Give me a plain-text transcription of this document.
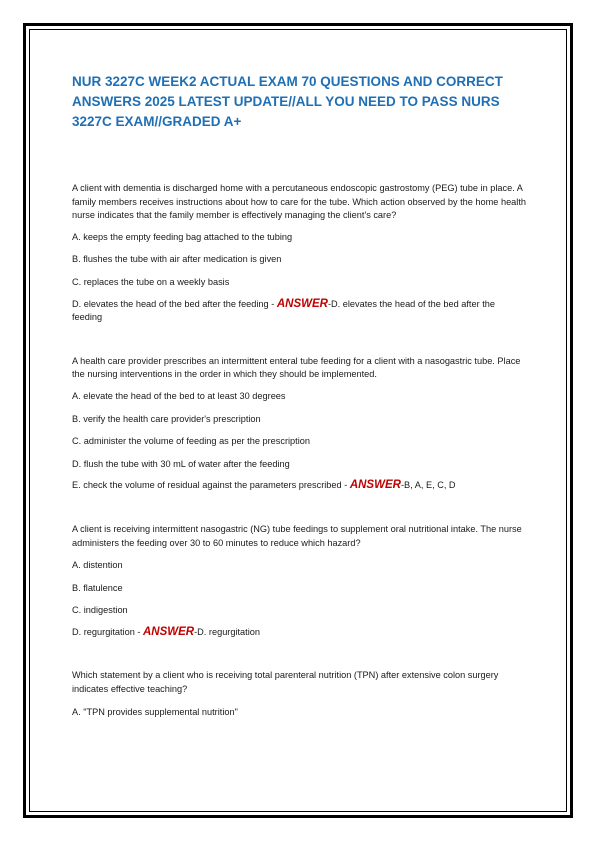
NUR 3227C WEEK2 ACTUAL EXAM 70 QUESTIONS AND CORRECT ANSWERS 2025 LATEST UPDATE//ALL YOU NEED TO PASS NURS 3227C EXAM//GRADED A+

A client with dementia is discharged home with a percutaneous endoscopic gastrostomy (PEG) tube in place. A family members receives instructions about how to care for the tube. Which action observed by the home health nurse indicates that the family member is effectively managing the client's care?

A. keeps the empty feeding bag attached to the tubing

B. flushes the tube with air after medication is given

C. replaces the tube on a weekly basis

D. elevates the head of the bed after the feeding - ANSWER-D. elevates the head of the bed after the feeding

A health care provider prescribes an intermittent enteral tube feeding for a client with a nasogastric tube. Place the nursing interventions in the order in which they should be implemented.

A. elevate the head of the bed to at least 30 degrees

B. verify the health care provider's prescription

C. administer the volume of feeding as per the prescription

D. flush the tube with 30 mL of water after the feeding

E. check the volume of residual against the parameters prescribed - ANSWER-B, A, E, C, D

A client is receiving intermittent nasogastric (NG) tube feedings to supplement oral nutritional intake. The nurse administers the feeding over 30 to 60 minutes to reduce which hazard?

A. distention

B. flatulence

C. indigestion

D. regurgitation - ANSWER-D. regurgitation

Which statement by a client who is receiving total parenteral nutrition (TPN) after extensive colon surgery indicates effective teaching?

A. "TPN provides supplemental nutrition"
